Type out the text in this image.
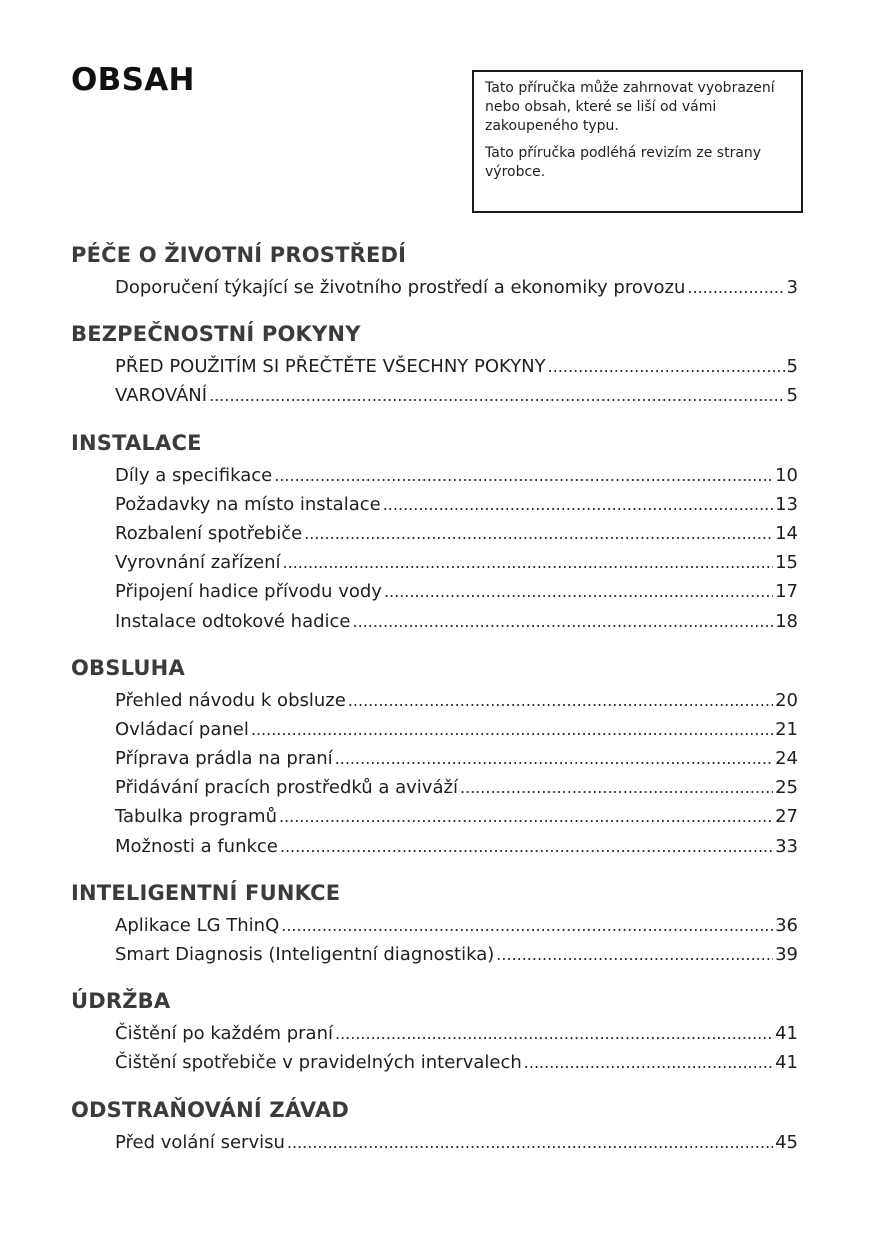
OBSAH	Tato příručka může zahrnovat vyobrazení nebo obsah, které se liší od vámi zakoupeného typu.

Tato příručka podléhá revizím ze strany výrobce.

PÉČE O ŽIVOTNÍ PROSTŘEDÍ
Doporučení týkající se životního prostředí a ekonomiky provozu .....	3
BEZPEČNOSTNÍ POKYNY
PŘED POUŽITÍM SI PŘEČTĚTE VŠECHNY POKYNY .....	5
VAROVÁNÍ .....	5
INSTALACE
Díly a specifikace .....	10
Požadavky na místo instalace .....	13
Rozbalení spotřebiče .....	14
Vyrovnání zařízení .....	15
Připojení hadice přívodu vody .....	17
Instalace odtokové hadice .....	18
OBSLUHA
Přehled návodu k obsluze .....	20
Ovládací panel .....	21
Příprava prádla na praní .....	24
Přidávání pracích prostředků a aviváží .....	25
Tabulka programů .....	27
Možnosti a funkce .....	33
INTELIGENTNÍ FUNKCE
Aplikace LG ThinQ .....	36
Smart Diagnosis (Inteligentní diagnostika) .....	39
ÚDRŽBA
Čištění po každém praní .....	41
Čištění spotřebiče v pravidelných intervalech .....	41
ODSTRAŇOVÁNÍ ZÁVAD
Před volání servisu .....	45
